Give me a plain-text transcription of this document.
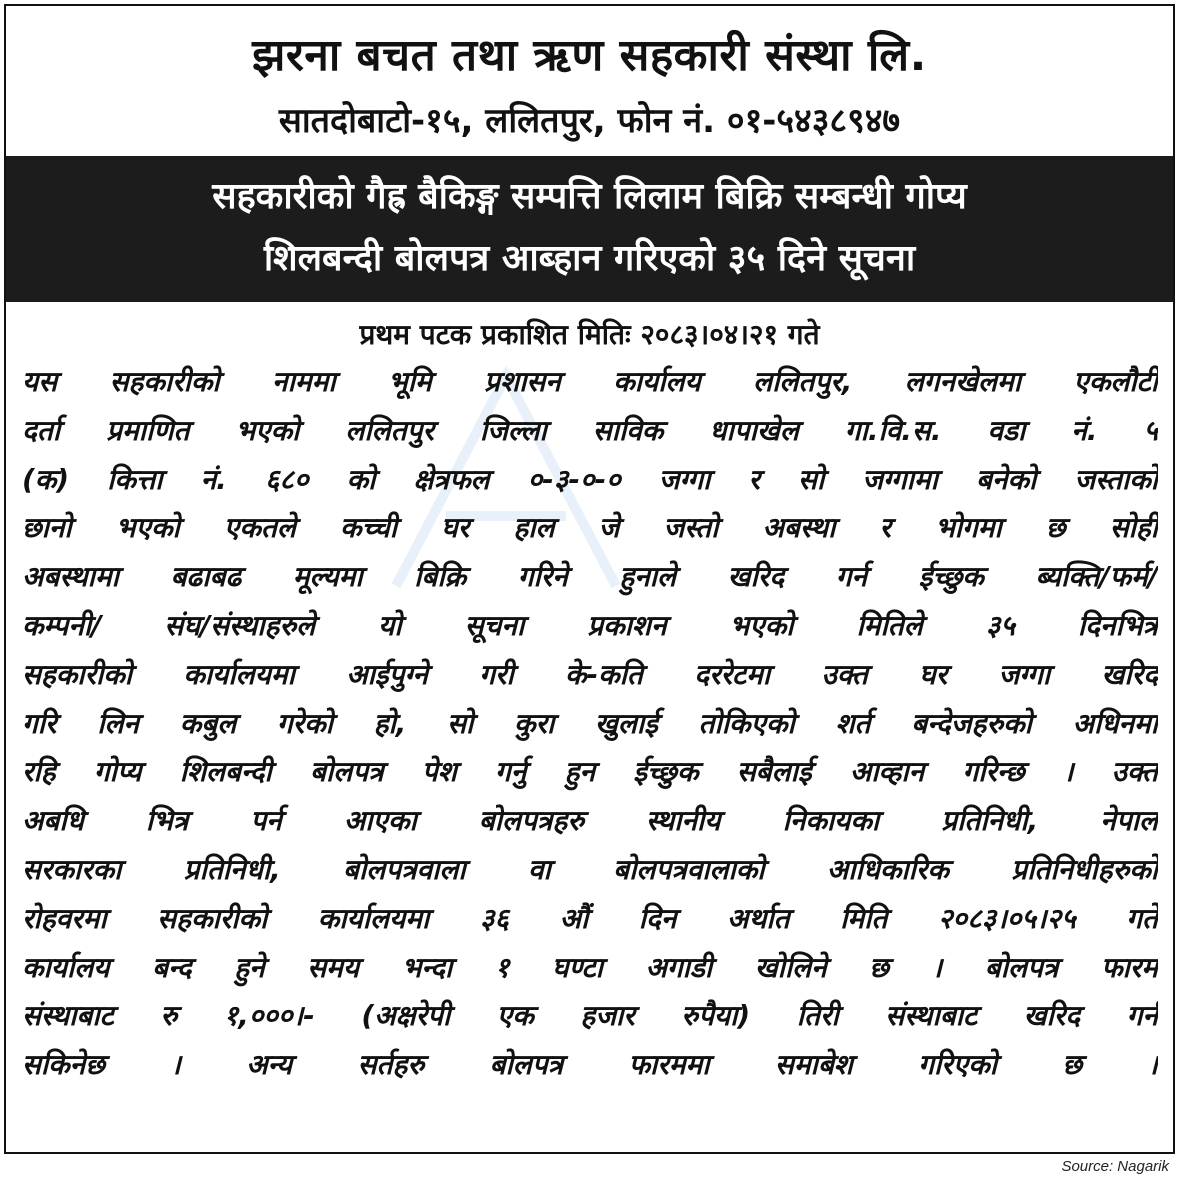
झरना बचत तथा ऋण सहकारी संस्था लि.
सातदोबाटो-१५, ललितपुर, फोन नं. ०१-५४३८९४७
सहकारीको गैह्र बैकिङ्ग सम्पत्ति लिलाम बिक्रि सम्बन्धी गोप्य
शिलबन्दी बोलपत्र आब्हान गरिएको ३५ दिने सूचना
प्रथम पटक प्रकाशित मितिः २०८३।०४।२१ गते
यस सहकारीको नाममा भूमि प्रशासन कार्यालय ललितपुर, लगनखेलमा एकलौटी
दर्ता प्रमाणित भएको ललितपुर जिल्ला साविक धापाखेल गा.वि.स. वडा नं. ५
(क) कित्ता नं. ६८० को क्षेत्रफल ०-३-०-० जग्गा र सो जग्गामा बनेको जस्ताको
छानो भएको एकतले कच्ची घर हाल जे जस्तो अबस्था र भोगमा छ सोही
अबस्थामा बढाबढ मूल्यमा बिक्रि गरिने हुनाले खरिद गर्न ईच्छुक ब्यक्ति/फर्म/
कम्पनी/ संघ/संस्थाहरुले यो सूचना प्रकाशन भएको मितिले ३५ दिनभित्र
सहकारीको कार्यालयमा आईपुग्ने गरी के-कति दररेटमा उक्त घर जग्गा खरिद
गरि लिन कबुल गरेको हो, सो कुरा खुलाई तोकिएको शर्त बन्देजहरुको अधिनमा
रहि गोप्य शिलबन्दी बोलपत्र पेश गर्नु हुन ईच्छुक सबैलाई आव्हान गरिन्छ । उक्त
अबधि भित्र पर्न आएका बोलपत्रहरु स्थानीय निकायका प्रतिनिधी, नेपाल
सरकारका प्रतिनिधी, बोलपत्रवाला वा बोलपत्रवालाको आधिकारिक प्रतिनिधीहरुको
रोहवरमा सहकारीको कार्यालयमा ३६ औं दिन अर्थात मिति २०८३।०५।२५ गते
कार्यालय बन्द हुने समय भन्दा १ घण्टा अगाडी खोलिने छ । बोलपत्र फारम
संस्थाबाट रु १,०००।- (अक्षरेपी एक हजार रुपैया) तिरी संस्थाबाट खरिद गर्न
सकिनेछ । अन्य सर्तहरु बोलपत्र फारममा समाबेश गरिएको छ ।
Source: Nagarik
